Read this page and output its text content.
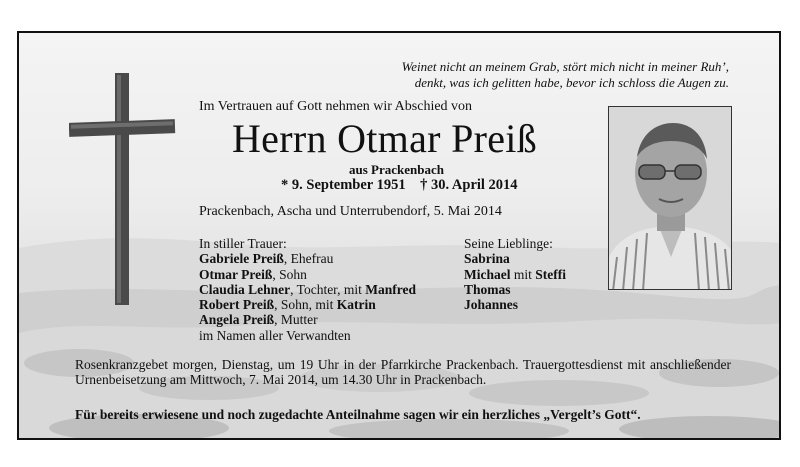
Weinet nicht an meinem Grab, stört mich nicht in meiner Ruh’,
denkt, was ich gelitten habe, bevor ich schloss die Augen zu.
Im Vertrauen auf Gott nehmen wir Abschied von
Herrn Otmar Preiß
aus Prackenbach
* 9. September 1951    † 30. April 2014
Prackenbach, Ascha und Unterrubendorf, 5. Mai 2014
In stiller Trauer:
Gabriele Preiß, Ehefrau
Otmar Preiß, Sohn
Claudia Lehner, Tochter, mit Manfred
Robert Preiß, Sohn, mit Katrin
Angela Preiß, Mutter
im Namen aller Verwandten
Seine Lieblinge:
Sabrina
Michael mit Steffi
Thomas
Johannes
Rosenkranzgebet morgen, Dienstag, um 19 Uhr in der Pfarrkirche Prackenbach. Trauergottesdienst mit anschließender Urnenbeisetzung am Mittwoch, 7. Mai 2014, um 14.30 Uhr in Prackenbach.
Für bereits erwiesene und noch zugedachte Anteilnahme sagen wir ein herzliches „Vergelt’s Gott“.
